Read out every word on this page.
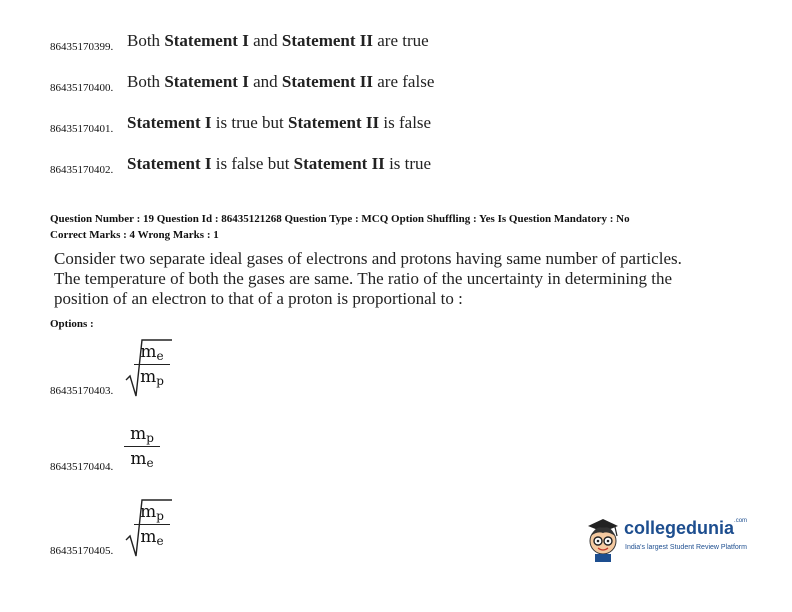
86435170399. Both Statement I and Statement II are true
86435170400. Both Statement I and Statement II are false
86435170401. Statement I is true but Statement II is false
86435170402. Statement I is false but Statement II is true
Question Number : 19 Question Id : 86435121268 Question Type : MCQ Option Shuffling : Yes Is Question Mandatory : No
Correct Marks : 4 Wrong Marks : 1
Consider two separate ideal gases of electrons and protons having same number of particles.
The temperature of both the gases are same. The ratio of the uncertainty in determining the
position of an electron to that of a proton is proportional to :
Options :
86435170403.
$m_e$
$m_p$
86435170404.
$m_p$
$m_e$
86435170405.
$m_p$
$m_e$
collegedunia$^{.com}$
India's largest Student Review Platform
